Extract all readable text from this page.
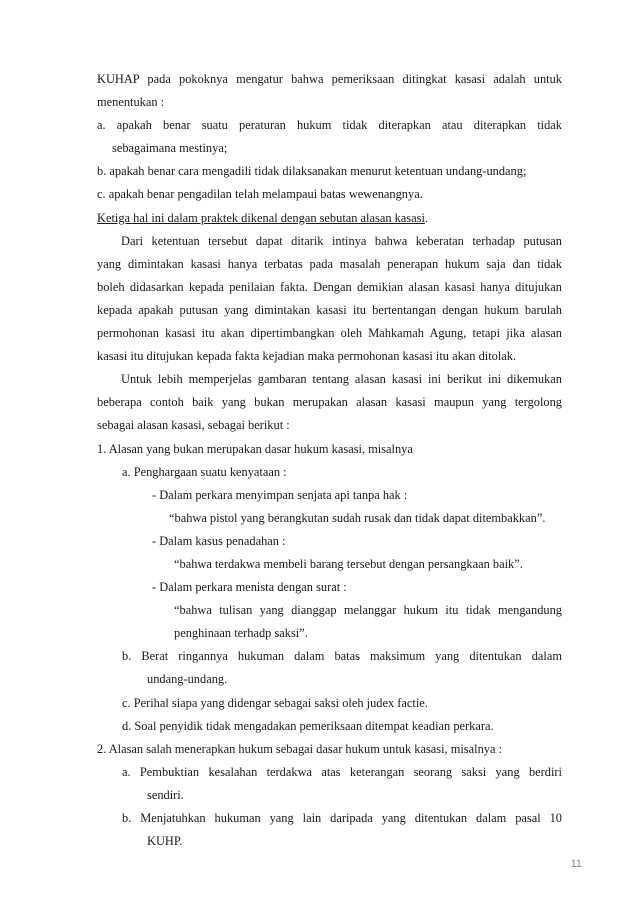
KUHAP pada pokoknya mengatur bahwa pemeriksaan ditingkat kasasi adalah untuk

menentukan :

a. apakah benar suatu peraturan hukum tidak diterapkan atau diterapkan tidak

sebagaimana mestinya;

b. apakah benar cara mengadili tidak dilaksanakan menurut ketentuan undang-undang;

c. apakah benar pengadilan telah melampaui batas wewenangnya.

Ketiga hal ini dalam praktek dikenal dengan sebutan alasan kasasi.

Dari ketentuan tersebut dapat ditarik intinya bahwa keberatan terhadap putusan

yang dimintakan kasasi hanya terbatas pada masalah penerapan hukum saja dan tidak

boleh didasarkan kepada penilaian fakta. Dengan demikian alasan kasasi hanya ditujukan

kepada apakah putusan yang dimintakan kasasi itu bertentangan dengan hukum barulah

permohonan kasasi itu akan dipertimbangkan oleh Mahkamah Agung, tetapi jika alasan

kasasi itu ditujukan kepada fakta kejadian maka permohonan kasasi itu akan ditolak.

Untuk lebih memperjelas gambaran tentang alasan kasasi ini berikut ini dikemukan

beberapa contoh baik yang bukan merupakan alasan kasasi maupun yang tergolong

sebagai alasan kasasi, sebagai berikut :

1. Alasan yang bukan merupakan dasar hukum kasasi, misalnya

a. Penghargaan suatu kenyataan :

- Dalam perkara menyimpan senjata api tanpa hak :

“bahwa pistol yang berangkutan sudah rusak dan tidak dapat ditembakkan”.

- Dalam kasus penadahan :

“bahwa terdakwa membeli barang tersebut dengan persangkaan baik”.

- Dalam perkara menista dengan surat :

“bahwa tulisan yang dianggap melanggar hukum itu tidak mengandung

penghinaan terhadp saksi”.

b. Berat ringannya hukuman dalam batas maksimum yang ditentukan dalam

undang-undang.

c. Perihal siapa yang didengar sebagai saksi oleh judex factie.

d. Soal penyidik tidak mengadakan pemeriksaan ditempat keadian perkara.

2. Alasan salah menerapkan hukum sebagai dasar hukum untuk kasasi, misalnya :

a. Pembuktian kesalahan terdakwa atas keterangan seorang saksi yang berdiri

sendiri.

b. Menjatuhkan hukuman yang lain daripada yang ditentukan dalam pasal 10

KUHP.

11
